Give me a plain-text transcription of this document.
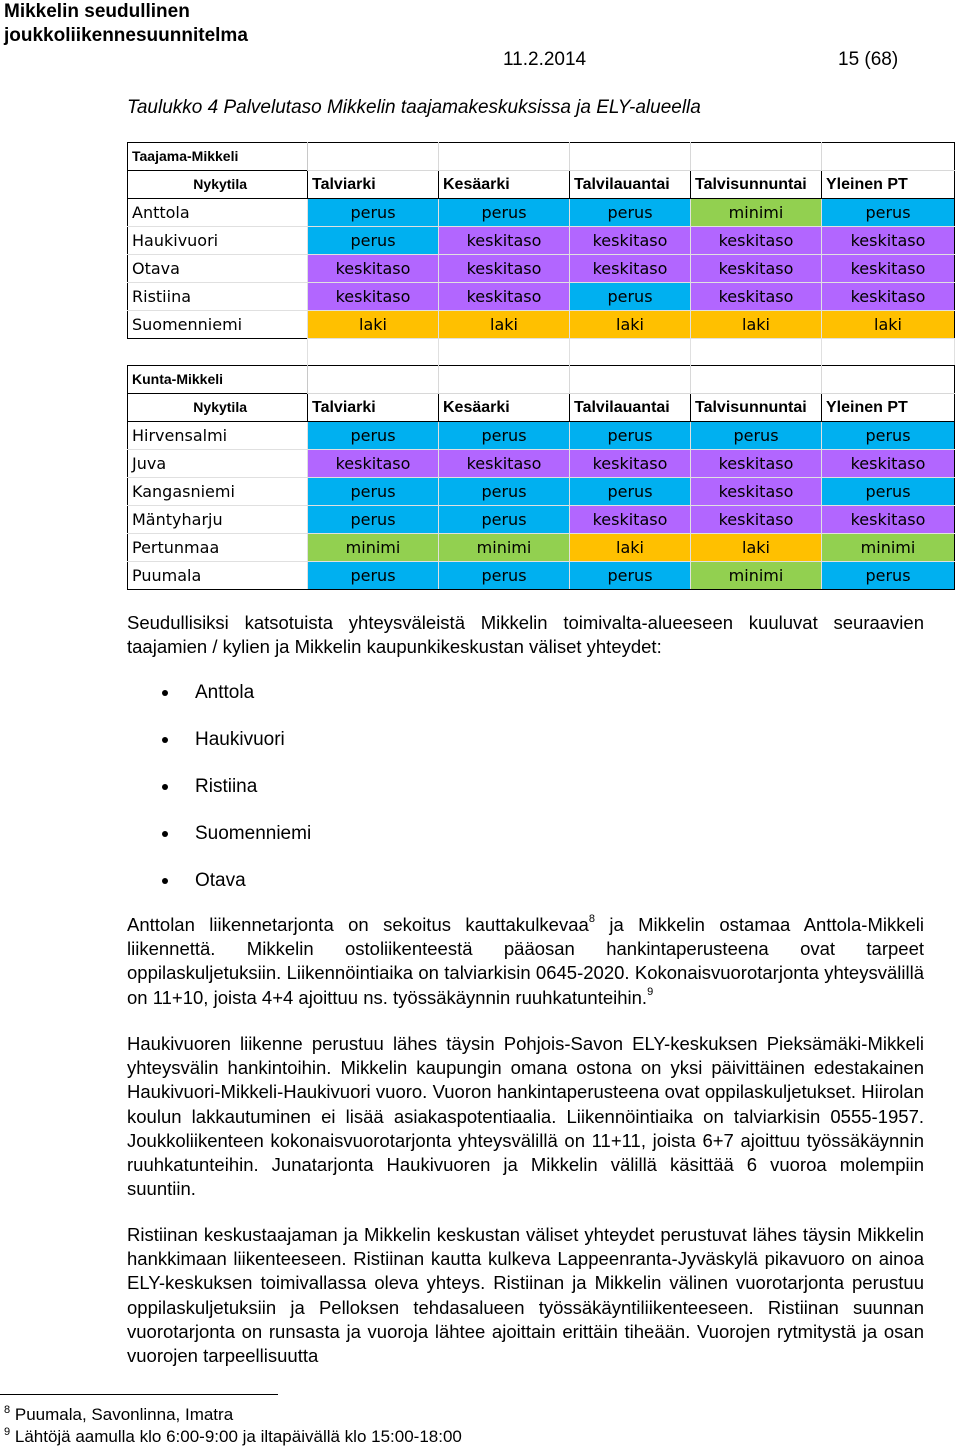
Mikkelin seudullinen
joukkoliikennesuunnitelma
11.2.2014	15 (68)
Taulukko 4 Palvelutaso Mikkelin taajamakeskuksissa ja ELY-alueella
Taajama-Mikkeli					
Nykytila	Talviarki	Kesäarki	Talvilauantai	Talvisunnuntai	Yleinen PT
Anttola	perus	perus	perus	minimi	perus
Haukivuori	perus	keskitaso	keskitaso	keskitaso	keskitaso
Otava	keskitaso	keskitaso	keskitaso	keskitaso	keskitaso
Ristiina	keskitaso	keskitaso	perus	keskitaso	keskitaso
Suomenniemi	laki	laki	laki	laki	laki
Kunta-Mikkeli					
Nykytila	Talviarki	Kesäarki	Talvilauantai	Talvisunnuntai	Yleinen PT
Hirvensalmi	perus	perus	perus	perus	perus
Juva	keskitaso	keskitaso	keskitaso	keskitaso	keskitaso
Kangasniemi	perus	perus	perus	keskitaso	perus
Mäntyharju	perus	perus	keskitaso	keskitaso	keskitaso
Pertunmaa	minimi	minimi	laki	laki	minimi
Puumala	perus	perus	perus	minimi	perus
Seudullisiksi katsotuista yhteysväleistä Mikkelin toimivalta-alueeseen kuuluvat seuraavien taajamien / kylien ja Mikkelin kaupunkikeskustan väliset yhteydet:
Anttola
Haukivuori
Ristiina
Suomenniemi
Otava
Anttolan liikennetarjonta on sekoitus kauttakulkevaa$^8$ ja Mikkelin ostamaa Anttola-Mikkeli liikennettä. Mikkelin ostoliikenteestä pääosan hankintaperusteena ovat tarpeet oppilaskuljetuksiin. Liikennöintiaika on talviarkisin 0645-2020. Kokonaisvuorotarjonta yhteysvälillä on 11+10, joista 4+4 ajoittuu ns. työssäkäynnin ruuhkatunteihin.$^9$
Haukivuoren liikenne perustuu lähes täysin Pohjois-Savon ELY-keskuksen Pieksämäki-Mikkeli yhteysvälin hankintoihin. Mikkelin kaupungin omana ostona on yksi päivittäinen edestakainen Haukivuori-Mikkeli-Haukivuori vuoro. Vuoron hankintaperusteena ovat oppilaskuljetukset. Hiirolan koulun lakkautuminen ei lisää asiakaspotentiaalia. Liikennöintiaika on talviarkisin 0555-1957. Joukkoliikenteen kokonaisvuorotarjonta yhteysvälillä on 11+11, joista 6+7 ajoittuu työssäkäynnin ruuhkatunteihin. Junatarjonta Haukivuoren ja Mikkelin välillä käsittää 6 vuoroa molempiin suuntiin.
Ristiinan keskustaajaman ja Mikkelin keskustan väliset yhteydet perustuvat lähes täysin Mikkelin hankkimaan liikenteeseen. Ristiinan kautta kulkeva Lappeenranta-Jyväskylä pikavuoro on ainoa ELY-keskuksen toimivallassa oleva yhteys. Ristiinan ja Mikkelin välinen vuorotarjonta perustuu oppilaskuljetuksiin ja Pelloksen tehdasalueen työssäkäyntiliikenteeseen. Ristiinan suunnan vuorotarjonta on runsasta ja vuoroja lähtee ajoittain erittäin tiheään. Vuorojen rytmitystä ja osan vuorojen tarpeellisuutta
$^8$ Puumala, Savonlinna, Imatra
$^9$ Lähtöjä aamulla klo 6:00-9:00 ja iltapäivällä klo 15:00-18:00
